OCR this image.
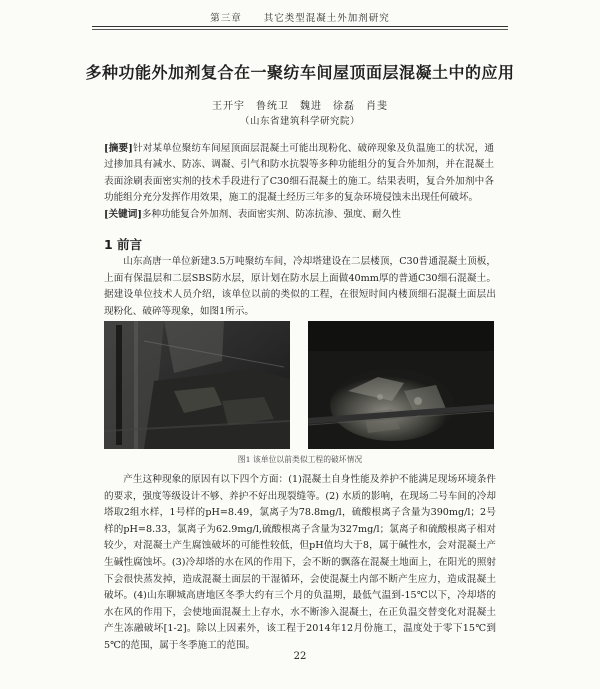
第三章 其它类型混凝土外加剂研究
多种功能外加剂复合在一聚纺车间屋顶面层混凝土中的应用
王开宇　鲁统卫　魏进　徐磊　肖斐
（山东省建筑科学研究院）
[摘要]针对某单位聚纺车间屋顶面层混凝土可能出现粉化、破碎现象及负温施工的状况，通过掺加具有减水、防冻、调凝、引气和防水抗裂等多种功能组分的复合外加剂，并在混凝土表面涂刷表面密实剂的技术手段进行了C30细石混凝土的施工。结果表明，复合外加剂中各功能组分充分发挥作用效果，施工的混凝土经历三年多的复杂环境侵蚀未出现任何破坏。
[关键词]多种功能复合外加剂、表面密实剂、防冻抗渗、强度、耐久性
1 前言
山东高唐一单位新建3.5万吨聚纺车间，冷却塔建设在二层楼顶，C30普通混凝土顶板，上面有保温层和二层SBS防水层，原计划在防水层上面做40mm厚的普通C30细石混凝土。据建设单位技术人员介绍，该单位以前的类似的工程，在很短时间内楼顶细石混凝土面层出现粉化、破碎等现象，如图1所示。
图1 该单位以前类似工程的破坏情况
产生这种现象的原因有以下四个方面：(1)混凝土自身性能及养护不能满足现场环境条件的要求，强度等级设计不够、养护不好出现裂缝等。(2) 水质的影响，在现场二号车间的冷却塔取2组水样，1号样的pH=8.49，氯离子为78.8mg/l，硫酸根离子含量为390mg/l；2号样的pH=8.33，氯离子为62.9mg/l,硫酸根离子含量为327mg/l；氯离子和硫酸根离子相对较少，对混凝土产生腐蚀破坏的可能性较低，但pH值均大于8，属于碱性水，会对混凝土产生碱性腐蚀坏。(3)冷却塔的水在风的作用下，会不断的飘落在混凝土地面上，在阳光的照射下会很快蒸发掉，造成混凝土面层的干湿循环，会使混凝土内部不断产生应力，造成混凝土破坏。(4)山东聊城高唐地区冬季大约有三个月的负温期，最低气温到-15℃以下，冷却塔的水在风的作用下，会使地面混凝土上存水，水不断渗入混凝土，在正负温交替变化对混凝土产生冻融破坏[1-2]。除以上因素外，该工程于2014年12月份施工，温度处于零下15℃到5℃的范围，属于冬季施工的范围。
22
